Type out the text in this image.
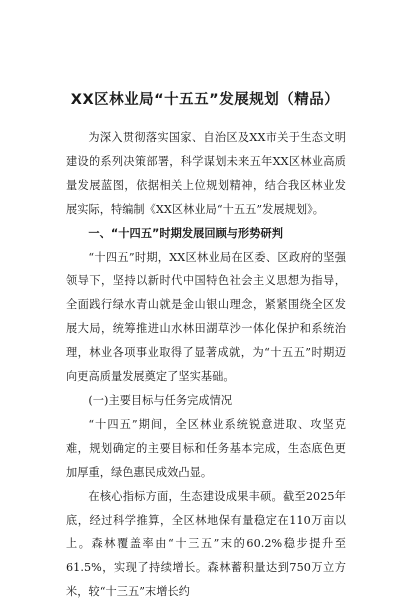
XX区林业局“十五五”发展规划（精品）

为深入贯彻落实国家、自治区及XX市关于生态文明建设的系列决策部署，科学谋划未来五年XX区林业高质量发展蓝图，依据相关上位规划精神，结合我区林业发展实际，特编制《XX区林业局“十五五”发展规划》。

一、“十四五”时期发展回顾与形势研判

“十四五”时期，XX区林业局在区委、区政府的坚强领导下，坚持以新时代中国特色社会主义思想为指导，全面践行绿水青山就是金山银山理念，紧紧围绕全区发展大局，统筹推进山水林田湖草沙一体化保护和系统治理，林业各项事业取得了显著成就，为“十五五”时期迈向更高质量发展奠定了坚实基础。

(一)主要目标与任务完成情况

“十四五”期间，全区林业系统锐意进取、攻坚克难，规划确定的主要目标和任务基本完成，生态底色更加厚重，绿色惠民成效凸显。

在核心指标方面，生态建设成果丰硕。截至2025年底，经过科学推算，全区林地保有量稳定在110万亩以上。森林覆盖率由“十三五”末的60.2%稳步提升至61.5%，实现了持续增长。森林蓄积量达到750万立方米，较“十三五”末增长约
